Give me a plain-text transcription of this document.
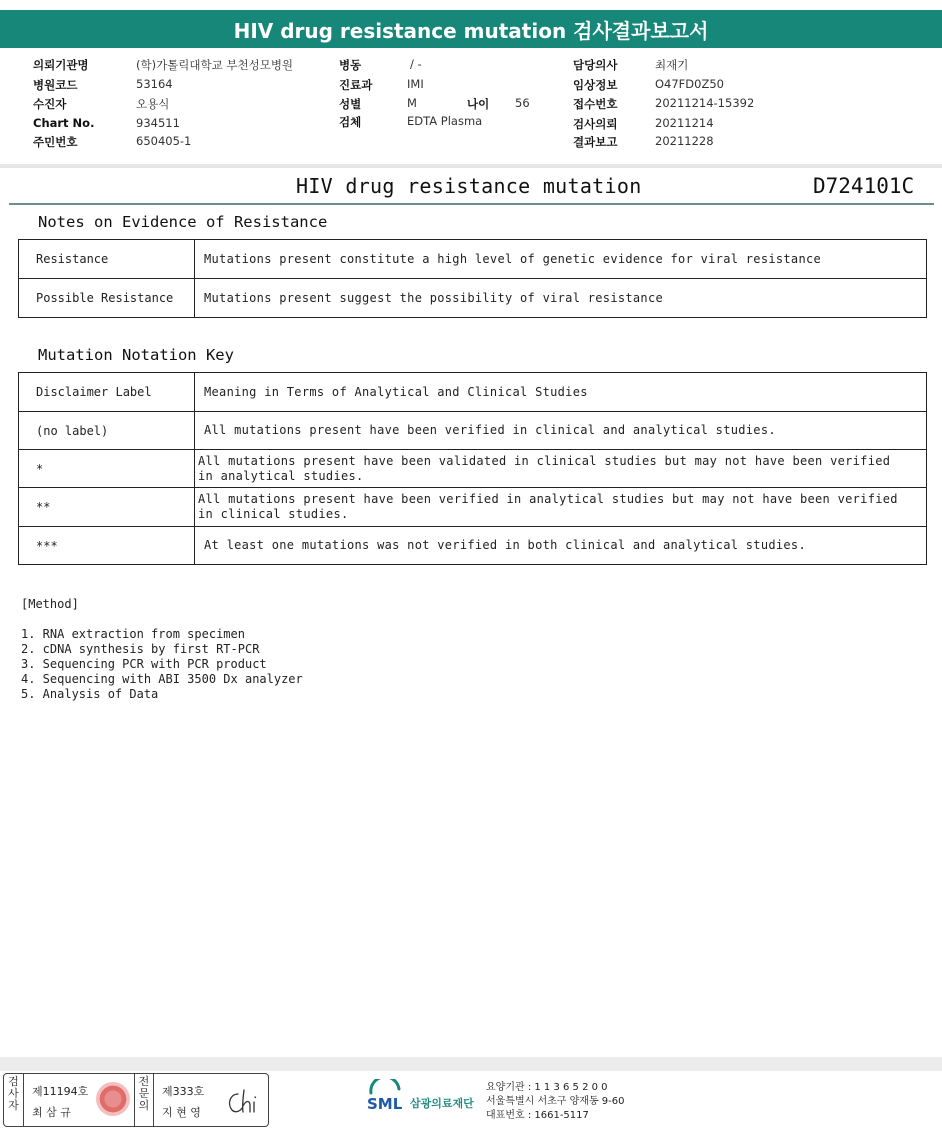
HIV drug resistance mutation 검사결과보고서
의뢰기관명	(학)가톨릭대학교 부천성모병원
병원코드	53164
수진자	오용식
Chart No.	934511
주민번호	650405-1
병동	/ -
진료과	IMI
성별	M	나이 56
검체	EDTA Plasma
담당의사	최재기
임상정보	O47FD0Z50
접수번호	20211214-15392
검사의뢰	20211214
결과보고	20211228
HIV drug resistance mutation	D724101C
Notes on Evidence of Resistance
Resistance	Mutations present constitute a high level of genetic evidence for viral resistance
Possible Resistance	Mutations present suggest the possibility of viral resistance
Mutation Notation Key
Disclaimer Label	Meaning in Terms of Analytical and Clinical Studies
(no label)	All mutations present have been verified in clinical and analytical studies.
*	All mutations present have been validated in clinical studies but may not have been verified in analytical studies.
**	All mutations present have been verified in analytical studies but may not have been verified in clinical studies.
***	At least one mutations was not verified in both clinical and analytical studies.
[Method]
1. RNA extraction from specimen
2. cDNA synthesis by first RT-PCR
3. Sequencing PCR with PCR product
4. Sequencing with ABI 3500 Dx analyzer
5. Analysis of Data
검사자
제11194호
최 삼 규
전문의
제333호
지 현 영	SML 삼광의료재단
요양기관 : 1 1 3 6 5 2 0 0
서울특별시 서초구 양재동 9-60
대표번호 : 1661-5117
